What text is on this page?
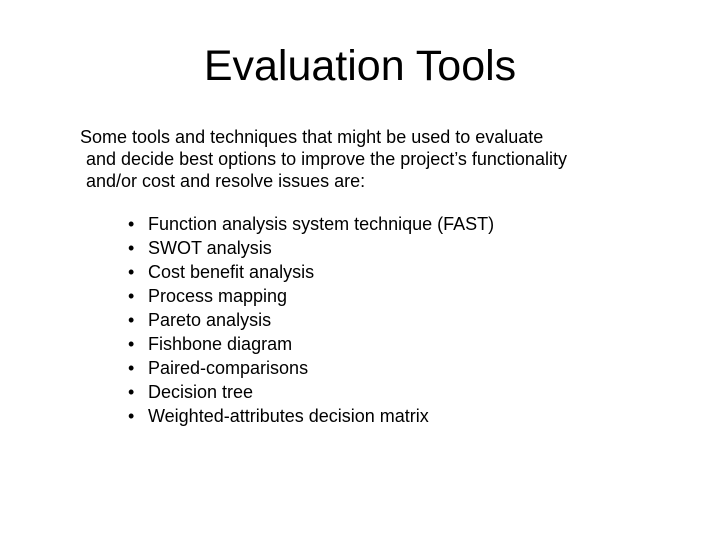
Evaluation Tools
Some tools and techniques that might be used to evaluate
and decide best options to improve the project’s functionality
and/or cost and resolve issues are:
• Function analysis system technique (FAST)
• SWOT analysis
• Cost benefit analysis
• Process mapping
• Pareto analysis
• Fishbone diagram
• Paired-comparisons
• Decision tree
• Weighted-attributes decision matrix
